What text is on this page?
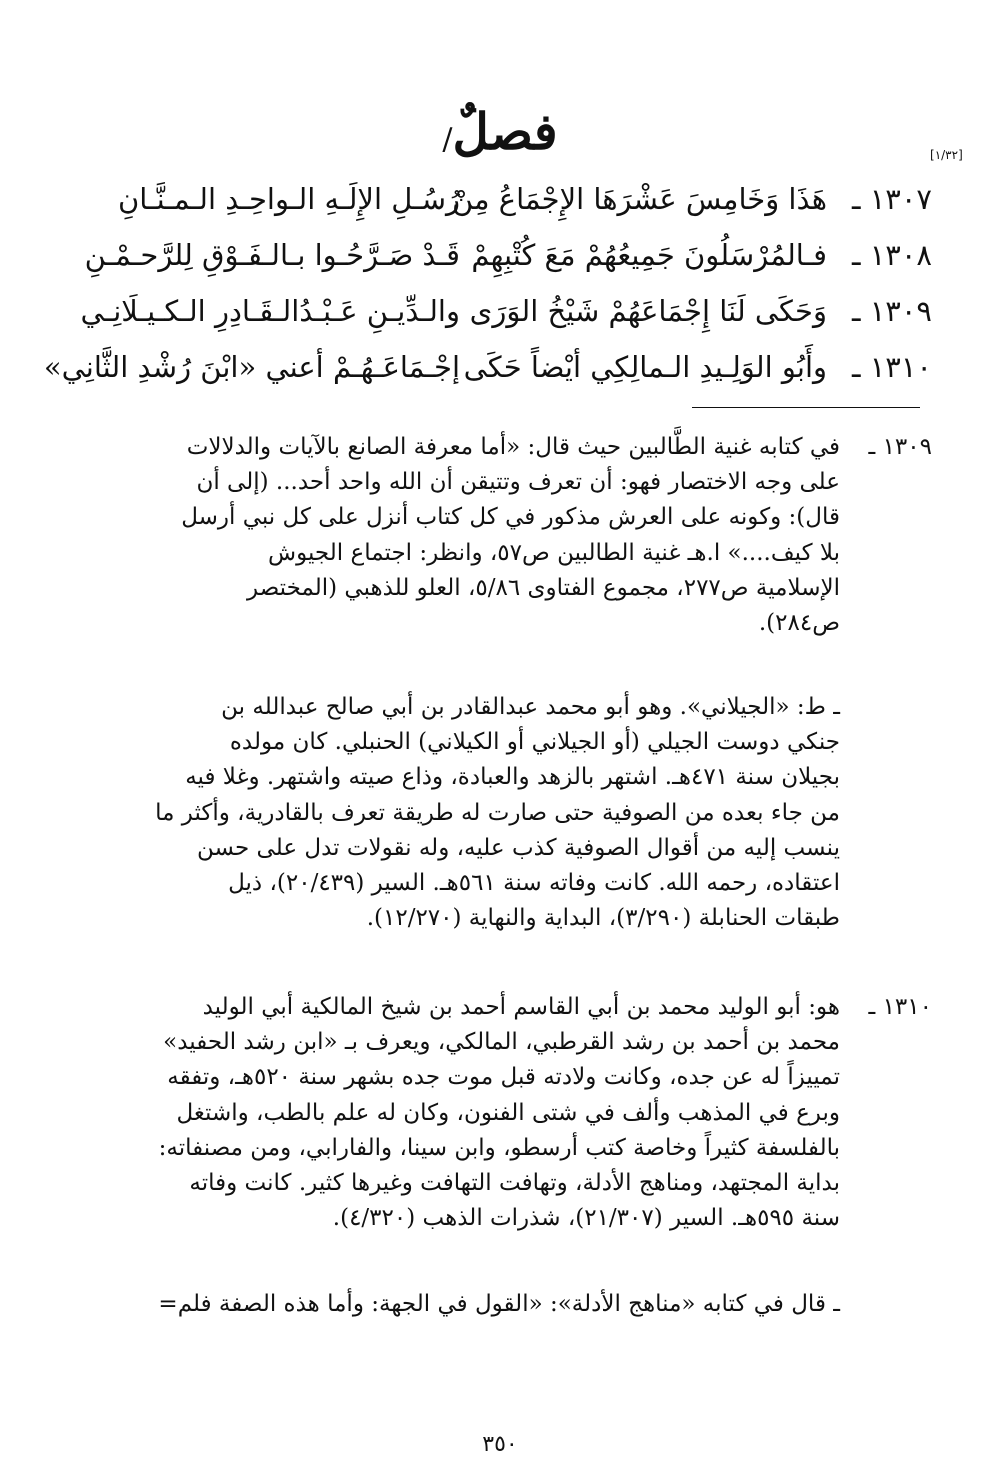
[١/٣٢]
فصلٌ/
١٣٠٧ ـ
هَذَا وَخَامِسَ عَشْرَهَا الإِجْمَاعُ مِنْ
رُسُـلِ الإِلَـهِ الـواحِـدِ الـمـنَّـانِ
١٣٠٨ ـ
فـالمُرْسَلُونَ جَمِيعُهُمْ مَعَ كُتْبِهِمْ
قَـدْ صَـرَّحُـوا بـالـفَـوْقِ لِلرَّحـمْـنِ
١٣٠٩ ـ
وَحَكَى لَنَا إِجْمَاعَهُمْ شَيْخُ الوَرَى
والـدِّيـنِ عَـبْـدُالـقَـادِرِ الـكـيـلَانِـي
١٣١٠ ـ
وأَبُو الوَلِـيدِ الـمالِكِي أيْضاً حَكَى
إجْـمَاعَـهُـمْ أعني «ابْنَ رُشْدِ الثَّانِي»
١٣٠٩ ـ
في كتابه غنية الطَّالبين حيث قال: «أما معرفة الصانع بالآيات والدلالات
على وجه الاختصار فهو: أن تعرف وتتيقن أن الله واحد أحد... (إلى أن
قال): وكونه على العرش مذكور في كل كتاب أنزل على كل نبي أرسل
بلا كيف....» ا.هـ غنية الطالبين ص٥٧، وانظر: اجتماع الجيوش
الإسلامية ص٢٧٧، مجموع الفتاوى ٥/٨٦، العلو للذهبي (المختصر
ص٢٨٤).
ـ ط: «الجيلاني». وهو أبو محمد عبدالقادر بن أبي صالح عبدالله بن
جنكي دوست الجيلي (أو الجيلاني أو الكيلاني) الحنبلي. كان مولده
بجيلان سنة ٤٧١هـ. اشتهر بالزهد والعبادة، وذاع صيته واشتهر. وغلا فيه
من جاء بعده من الصوفية حتى صارت له طريقة تعرف بالقادرية، وأكثر ما
ينسب إليه من أقوال الصوفية كذب عليه، وله نقولات تدل على حسن
اعتقاده، رحمه الله. كانت وفاته سنة ٥٦١هـ. السير (٢٠/٤٣٩)، ذيل
طبقات الحنابلة (٣/٢٩٠)، البداية والنهاية (١٢/٢٧٠).
١٣١٠ ـ
هو: أبو الوليد محمد بن أبي القاسم أحمد بن شيخ المالكية أبي الوليد
محمد بن أحمد بن رشد القرطبي، المالكي، ويعرف بـ «ابن رشد الحفيد»
تمييزاً له عن جده، وكانت ولادته قبل موت جده بشهر سنة ٥٢٠هـ، وتفقه
وبرع في المذهب وألف في شتى الفنون، وكان له علم بالطب، واشتغل
بالفلسفة كثيراً وخاصة كتب أرسطو، وابن سينا، والفارابي، ومن مصنفاته:
بداية المجتهد، ومناهج الأدلة، وتهافت التهافت وغيرها كثير. كانت وفاته
سنة ٥٩٥هـ. السير (٢١/٣٠٧)، شذرات الذهب (٤/٣٢٠).
ـ قال في كتابه «مناهج الأدلة»: «القول في الجهة: وأما هذه الصفة فلم=
٣٥٠
